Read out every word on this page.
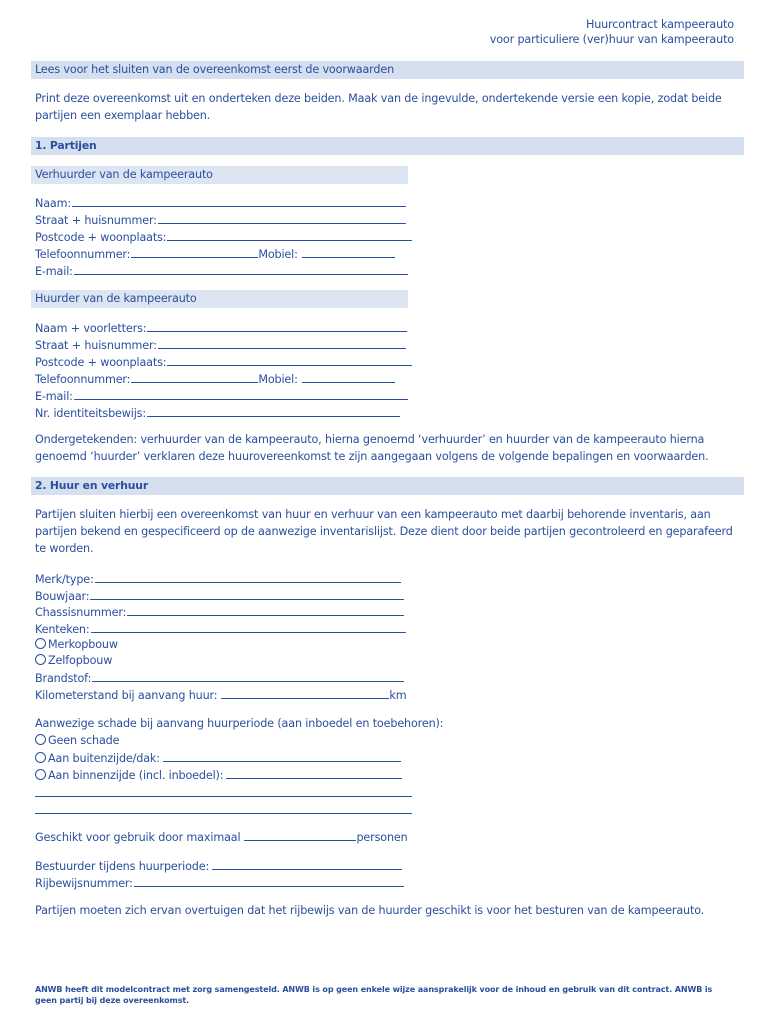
Huurcontract kampeerauto
voor particuliere (ver)huur van kampeerauto
Lees voor het sluiten van de overeenkomst eerst de voorwaarden
Print deze overeenkomst uit en onderteken deze beiden. Maak van de ingevulde, ondertekende versie een kopie, zodat beide partijen een exemplaar hebben.
1. Partijen
Verhuurder van de kampeerauto
Naam:
Straat + huisnummer:
Postcode + woonplaats:
Telefoonnummer:	Mobiel:
E-mail:
Huurder van de kampeerauto
Naam + voorletters:
Straat + huisnummer:
Postcode + woonplaats:
Telefoonnummer:	Mobiel:
E-mail:
Nr. identiteitsbewijs:
Ondergetekenden: verhuurder van de kampeerauto, hierna genoemd ‘verhuurder’ en huurder van de kampeerauto hierna genoemd ‘huurder’ verklaren deze huurovereenkomst te zijn aangegaan volgens de volgende bepalingen en voorwaarden.
2. Huur en verhuur
Partijen sluiten hierbij een overeenkomst van huur en verhuur van een kampeerauto met daarbij behorende inventaris, aan partijen bekend en gespecificeerd op de aanwezige inventarislijst. Deze dient door beide partijen gecontroleerd en geparafeerd te worden.
Merk/type:
Bouwjaar:
Chassisnummer:
Kenteken:
Merkopbouw
Zelfopbouw
Brandstof:
Kilometerstand bij aanvang huur:	km
Aanwezige schade bij aanvang huurperiode (aan inboedel en toebehoren):
Geen schade
Aan buitenzijde/dak:
Aan binnenzijde (incl. inboedel):
Geschikt voor gebruik door maximaal	personen
Bestuurder tijdens huurperiode:
Rijbewijsnummer:
Partijen moeten zich ervan overtuigen dat het rijbewijs van de huurder geschikt is voor het besturen van de kampeerauto.
ANWB heeft dit modelcontract met zorg samengesteld. ANWB is op geen enkele wijze aansprakelijk voor de inhoud en gebruik van dit contract. ANWB is geen partij bij deze overeenkomst.
